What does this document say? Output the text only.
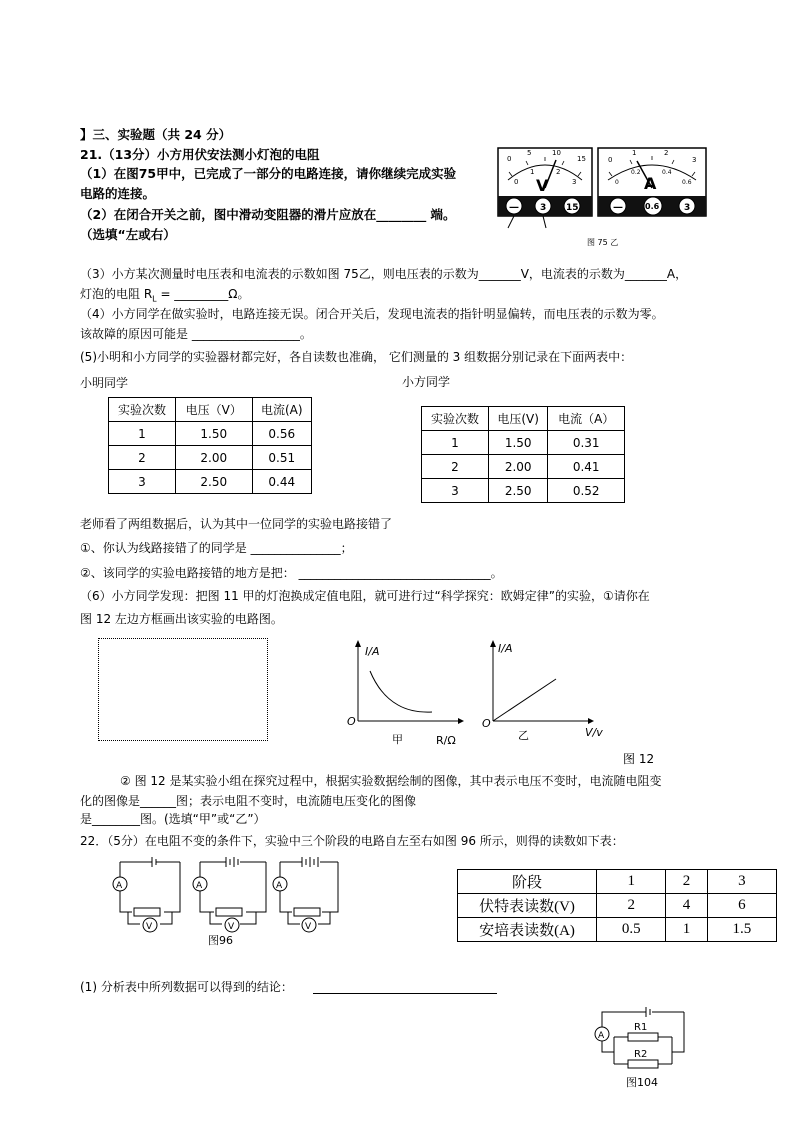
】三、实验题（共 24 分）
21.（13分）小方用伏安法测小灯泡的电阻
（1）在图75甲中，已完成了一部分的电路连接，请你继续完成实验
电路的连接。
（2）在闭合开关之前，图中滑动变阻器的滑片应放在________ 端。
（选填“左或右）
0
5	10
15
0
1	2
3
V
— 3 15
0
1	2
3
0
0.2	0.4
0.6
A
—	0.6	3
图 75 乙
（3）小方某次测量时电压表和电流表的示数如图 75乙，则电压表的示数为_______V，电流表的示数为_______A，
灯泡的电阻 $R_L$ = _________Ω。
（4）小方同学在做实验时，电路连接无误。闭合开关后，发现电流表的指针明显偏转，而电压表的示数为零。
该故障的原因可能是 __________________。
(5)小明和小方同学的实验器材都完好，各自读数也准确， 它们测量的 3 组数据分别记录在下面两表中：
小明同学	小方同学
实验次数	电压（V）	电流(A)
1	1.50	0.56
2	2.00	0.51
3	2.50	0.44
实验次数	电压(V)	电流（A）
1	1.50	0.31
2	2.00	0.41
3	2.50	0.52
老师看了两组数据后，认为其中一位同学的实验电路接错了
①、你认为线路接错了的同学是 _______________；
②、该同学的实验电路接错的地方是把： ________________________________。
（6）小方同学发现：把图 11 甲的灯泡换成定值电阻，就可进行过“科学探究：欧姆定律”的实验，①请你在
图 12 左边方框画出该实验的电路图。
I/A
O
甲	R/Ω
I/A
O
乙	V/v
图 12
② 图 12 是某实验小组在探究过程中，根据实验数据绘制的图像，其中表示电压不变时，电流随电阻变
化的图像是______图；表示电阻不变时，电流随电压变化的图像
是________图。(选填“甲”或“乙”）
22．（5分）在电阻不变的条件下，实验中三个阶段的电路自左至右如图 96 所示，则得的读数如下表：
A	A	A
V	V	V
图96
阶段	1	2	3
伏特表读数(V)	2	4	6
安培表读数(A)	0.5	1	1.5
(1) 分析表中所列数据可以得到的结论：
A
R1
R2
图104
